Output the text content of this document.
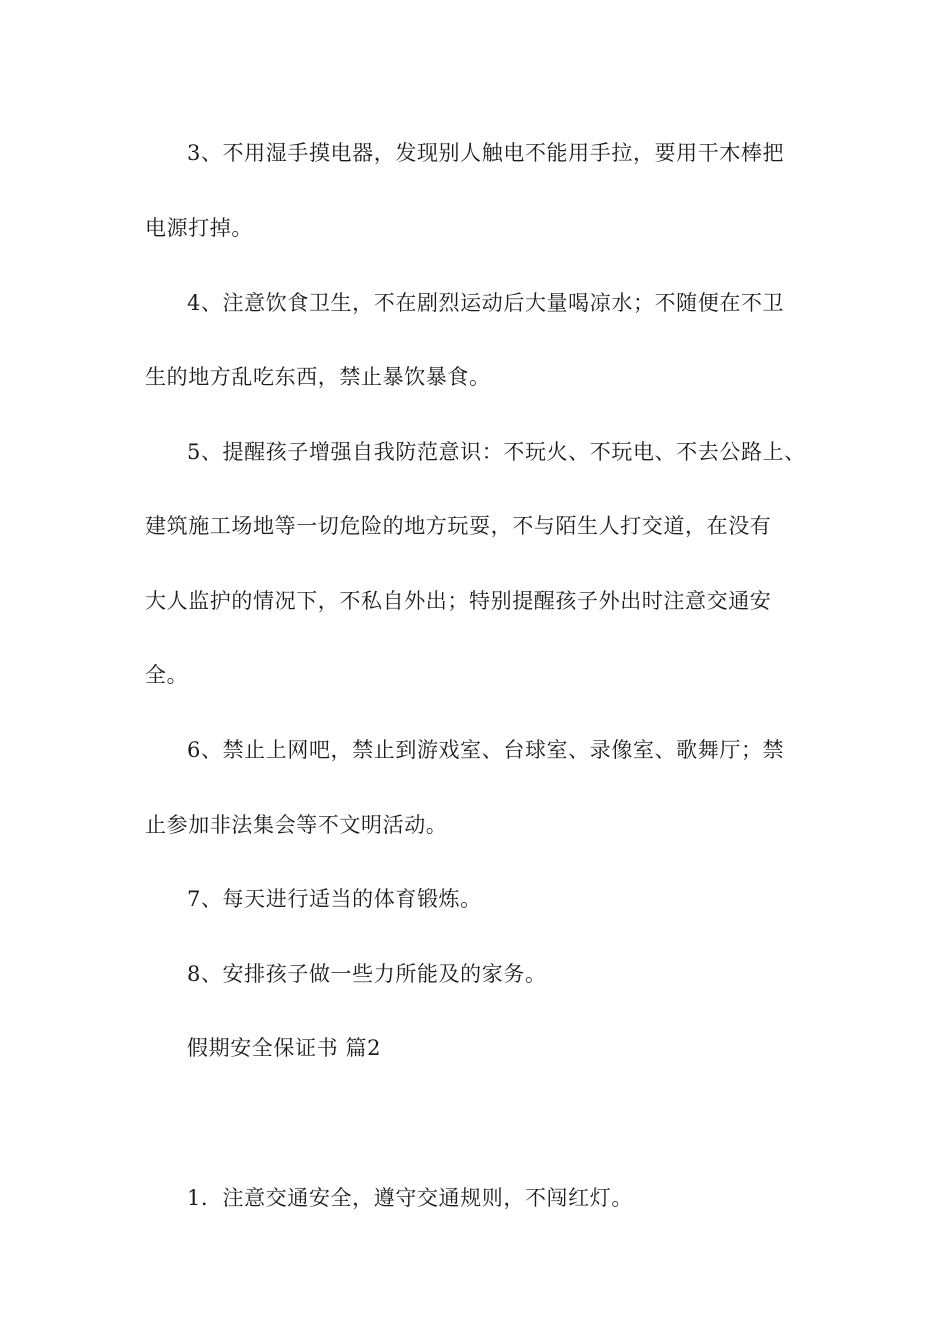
3、不用湿手摸电器，发现别人触电不能用手拉，要用干木棒把
电源打掉。
4、注意饮食卫生，不在剧烈运动后大量喝凉水；不随便在不卫
生的地方乱吃东西，禁止暴饮暴食。
5、提醒孩子增强自我防范意识：不玩火、不玩电、不去公路上、
建筑施工场地等一切危险的地方玩耍，不与陌生人打交道，在没有
大人监护的情况下，不私自外出；特别提醒孩子外出时注意交通安
全。
6、禁止上网吧，禁止到游戏室、台球室、录像室、歌舞厅；禁
止参加非法集会等不文明活动。
7、每天进行适当的体育锻炼。
8、安排孩子做一些力所能及的家务。
假期安全保证书 篇2
1．注意交通安全，遵守交通规则，不闯红灯。
